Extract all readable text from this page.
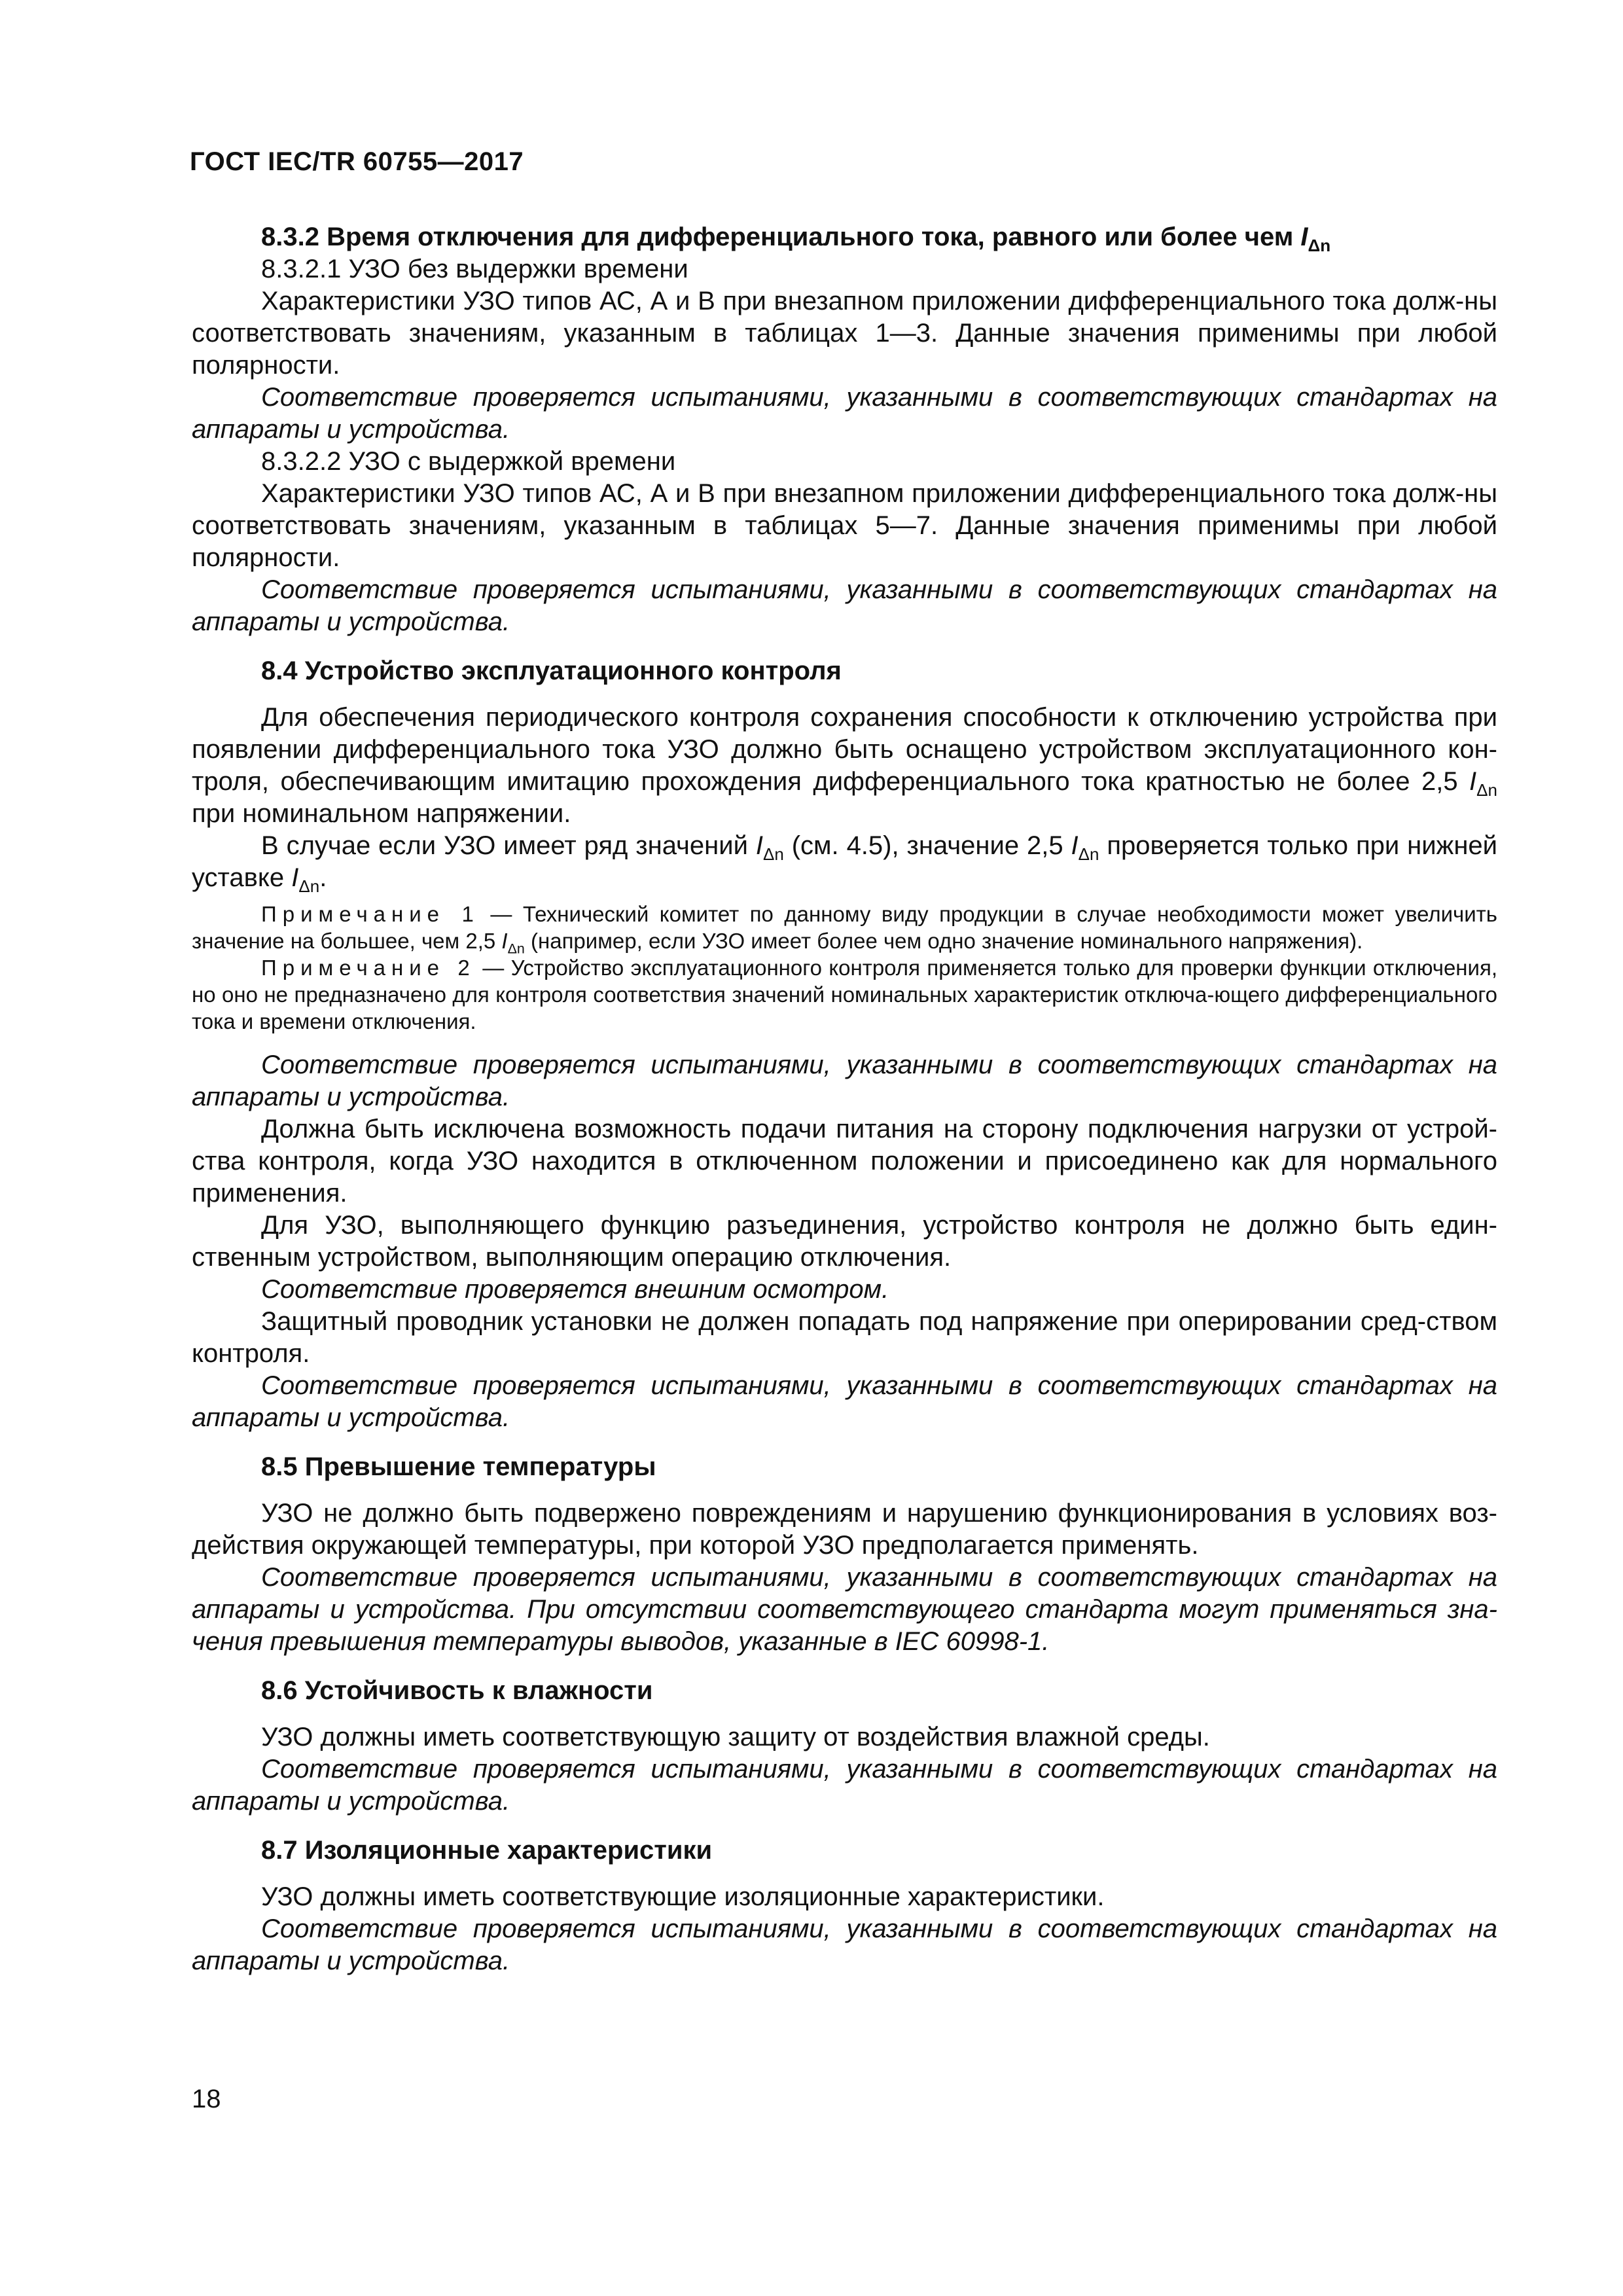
ГОСТ IEC/TR 60755—2017

8.3.2 Время отключения для дифференциального тока, равного или более чем $I_{\Delta n}$

8.3.2.1 УЗО без выдержки времени

Характеристики УЗО типов АС, А и В при внезапном приложении дифференциального тока долж-ны соответствовать значениям, указанным в таблицах 1—3. Данные значения применимы при любой полярности.

Соответствие проверяется испытаниями, указанными в соответствующих стандартах на аппараты и устройства.

8.3.2.2 УЗО с выдержкой времени

Характеристики УЗО типов АС, А и В при внезапном приложении дифференциального тока долж-ны соответствовать значениям, указанным в таблицах 5—7. Данные значения применимы при любой полярности.

Соответствие проверяется испытаниями, указанными в соответствующих стандартах на аппараты и устройства.

8.4 Устройство эксплуатационного контроля

Для обеспечения периодического контроля сохранения способности к отключению устройства при появлении дифференциального тока УЗО должно быть оснащено устройством эксплуатационного кон-троля, обеспечивающим имитацию прохождения дифференциального тока кратностью не более 2,5 $I_{\Delta n}$ при номинальном напряжении.

В случае если УЗО имеет ряд значений $I_{\Delta n}$ (см. 4.5), значение 2,5 $I_{\Delta n}$ проверяется только при нижней уставке $I_{\Delta n}$.

Примечание 1 — Технический комитет по данному виду продукции в случае необходимости может увеличить значение на большее, чем 2,5 $I_{\Delta n}$ (например, если УЗО имеет более чем одно значение номинального напряжения).

Примечание 2 — Устройство эксплуатационного контроля применяется только для проверки функции отключения, но оно не предназначено для контроля соответствия значений номинальных характеристик отключа-ющего дифференциального тока и времени отключения.

Соответствие проверяется испытаниями, указанными в соответствующих стандартах на аппараты и устройства.

Должна быть исключена возможность подачи питания на сторону подключения нагрузки от устрой-ства контроля, когда УЗО находится в отключенном положении и присоединено как для нормального применения.

Для УЗО, выполняющего функцию разъединения, устройство контроля не должно быть един-ственным устройством, выполняющим операцию отключения.

Соответствие проверяется внешним осмотром.

Защитный проводник установки не должен попадать под напряжение при оперировании сред-ством контроля.

Соответствие проверяется испытаниями, указанными в соответствующих стандартах на аппараты и устройства.

8.5 Превышение температуры

УЗО не должно быть подвержено повреждениям и нарушению функционирования в условиях воз-действия окружающей температуры, при которой УЗО предполагается применять.

Соответствие проверяется испытаниями, указанными в соответствующих стандартах на аппараты и устройства. При отсутствии соответствующего стандарта могут применяться зна-чения превышения температуры выводов, указанные в IEC 60998-1.

8.6 Устойчивость к влажности

УЗО должны иметь соответствующую защиту от воздействия влажной среды.

Соответствие проверяется испытаниями, указанными в соответствующих стандартах на аппараты и устройства.

8.7 Изоляционные характеристики

УЗО должны иметь соответствующие изоляционные характеристики.

Соответствие проверяется испытаниями, указанными в соответствующих стандартах на аппараты и устройства.

18
